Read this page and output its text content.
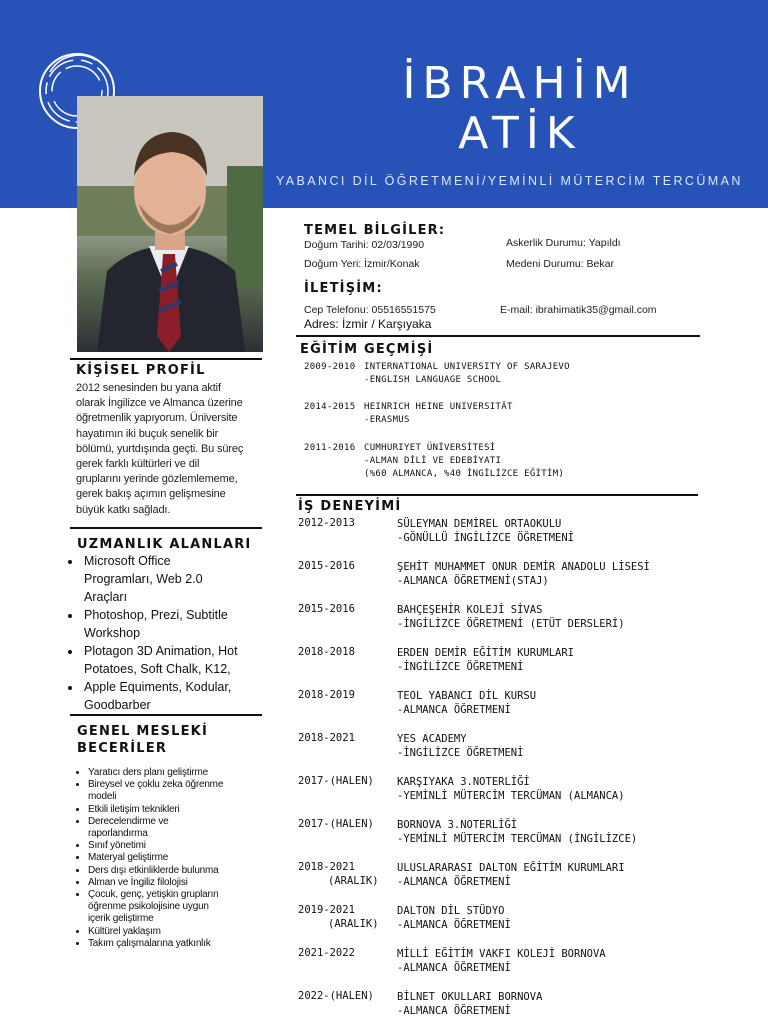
İBRAHİM
ATİK
YABANCI DİL ÖĞRETMENİ/YEMİNLİ MÜTERCİM TERCÜMAN
TEMEL BİLGİLER:
Doğum Tarihi: 02/03/1990
Doğum Yeri: İzmir/Konak
Askerlik Durumu: Yapıldı
Medeni Durumu: Bekar
İLETİŞİM:
Cep Telefonu: 05516551575	E-mail: ibrahimatik35@gmail.com
Adres: İzmir / Karşıyaka
EĞİTİM GEÇMİŞİ
2009-2010 INTERNATIONAL UNIVERSITY OF SARAJEVO
-ENGLISH LANGUAGE SCHOOL
2014-2015 HEINRICH HEINE UNIVERSITÄT
-ERASMUS
2011-2016 CUMHURIYET ÜNİVERSİTESİ
-ALMAN DİLİ VE EDEBİYATI
(%60 ALMANCA, %40 İNGİLİZCE EĞİTİM)
İŞ DENEYİMİ
2012-2013	SÜLEYMAN DEMİREL ORTAOKULU
-GÖNÜLLÜ İNGİLİZCE ÖĞRETMENİ
2015-2016	ŞEHİT MUHAMMET ONUR DEMİR ANADOLU LİSESİ
-ALMANCA ÖĞRETMENİ(STAJ)
2015-2016	BAHÇEŞEHİR KOLEJİ SİVAS
-İNGİLİZCE ÖĞRETMENİ (ETÜT DERSLERİ)
2018-2018	ERDEN DEMİR EĞİTİM KURUMLARI
-İNGİLİZCE ÖĞRETMENİ
2018-2019	TEOL YABANCI DİL KURSU
-ALMANCA ÖĞRETMENİ
2018-2021	YES ACADEMY
-İNGİLİZCE ÖĞRETMENİ
2017-(HALEN) KARŞIYAKA 3.NOTERLİĞİ
-YEMİNLİ MÜTERCİM TERCÜMAN (ALMANCA)
2017-(HALEN) BORNOVA 3.NOTERLİĞİ
-YEMİNLİ MÜTERCİM TERCÜMAN (İNGİLİZCE)
2018-2021
(ARALIK)
ULUSLARARASI DALTON EĞİTİM KURUMLARI
-ALMANCA ÖĞRETMENİ
2019-2021
(ARALIK)
DALTON DİL STÜDYO
-ALMANCA ÖĞRETMENİ
2021-2022	MİLLİ EĞİTİM VAKFI KOLEJİ BORNOVA
-ALMANCA ÖĞRETMENİ
2022-(HALEN) BİLNET OKULLARI BORNOVA
-ALMANCA ÖĞRETMENİ
KİŞİSEL PROFİL
2012 senesinden bu yana aktif
olarak İngilizce ve Almanca üzerine
öğretmenlik yapıyorum. Üniversite
hayatımın iki buçuk senelik bir
bölümü, yurtdışında geçti. Bu süreç
gerek farklı kültürleri ve dil
gruplarını yerinde gözlemlememe,
gerek bakış açımın gelişmesine
büyük katkı sağladı.
UZMANLIK ALANLARI
• Microsoft Office
Programları, Web 2.0
Araçları
• Photoshop, Prezi, Subtitle
Workshop
• Plotagon 3D Animation, Hot
Potatoes, Soft Chalk, K12,
• Apple Equiments, Kodular,
Goodbarber
GENEL MESLEKİ
BECERİLER
• Yaratıcı ders planı geliştirme
• Bireysel ve çoklu zeka öğrenme
modeli
• Etkili iletişim teknikleri
• Derecelendirme ve
raporlandırma
• Sınıf yönetimi
• Materyal geliştirme
• Ders dışı etkinliklerde bulunma
• Alman ve İngiliz filolojisi
• Çocuk, genç, yetişkin grupların
öğrenme psikolojisine uygun
içerik geliştirme
• Kültürel yaklaşım
• Takım çalışmalarına yatkınlık
